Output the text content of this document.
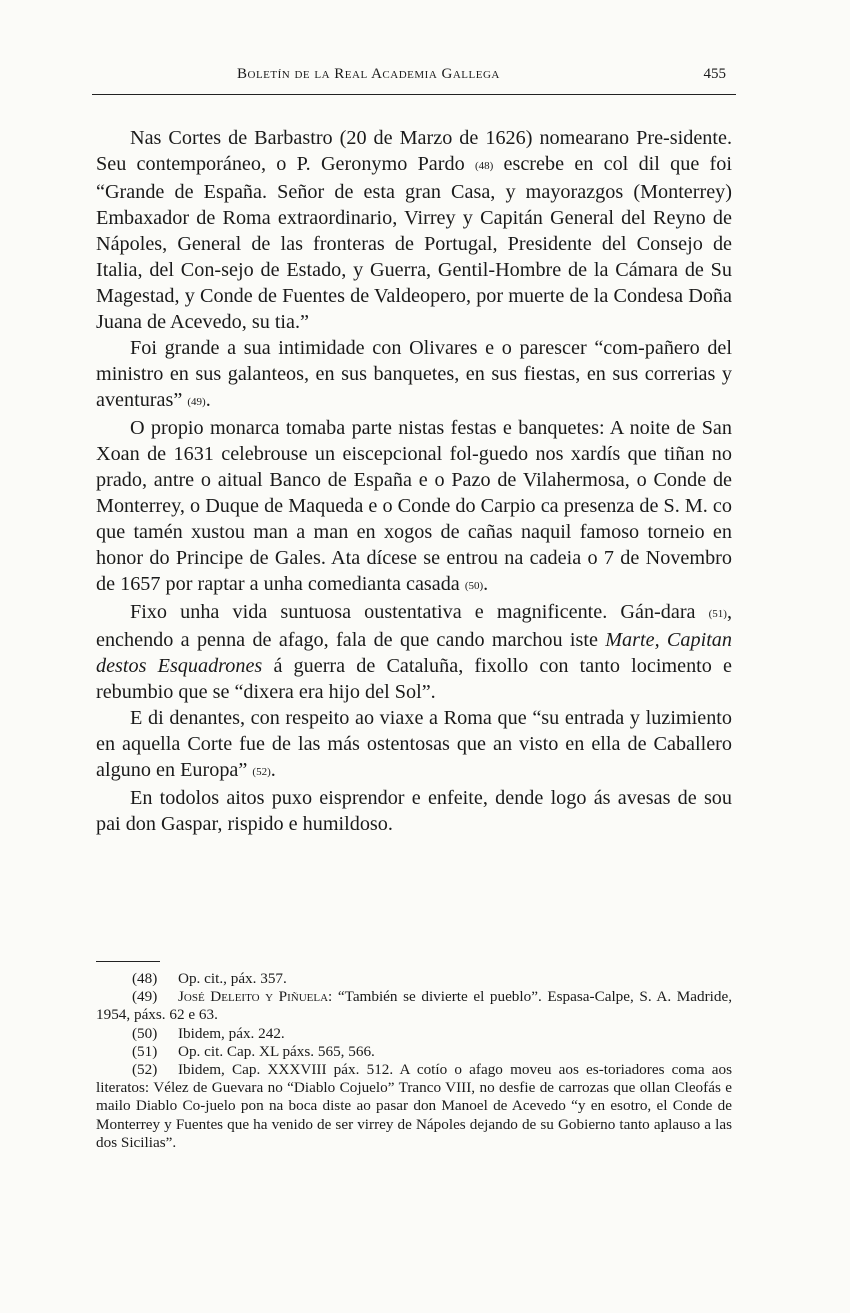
Boletín de la Real Academia Gallega	455

Nas Cortes de Barbastro (20 de Marzo de 1626) nomearano Pre-sidente. Seu contemporáneo, o P. Geronymo Pardo (48) escrebe en col dil que foi “Grande de España. Señor de esta gran Casa, y mayorazgos (Monterrey) Embaxador de Roma extraordinario, Virrey y Capitán General del Reyno de Nápoles, General de las fronteras de Portugal, Presidente del Consejo de Italia, del Con-sejo de Estado, y Guerra, Gentil-Hombre de la Cámara de Su Magestad, y Conde de Fuentes de Valdeopero, por muerte de la Condesa Doña Juana de Acevedo, su tia.”

Foi grande a sua intimidade con Olivares e o parescer “com-pañero del ministro en sus galanteos, en sus banquetes, en sus fiestas, en sus correrias y aventuras” (49).

O propio monarca tomaba parte nistas festas e banquetes: A noite de San Xoan de 1631 celebrouse un eiscepcional fol-guedo nos xardís que tiñan no prado, antre o aitual Banco de España e o Pazo de Vilahermosa, o Conde de Monterrey, o Duque de Maqueda e o Conde do Carpio ca presenza de S. M. co que tamén xustou man a man en xogos de cañas naquil famoso torneio en honor do Principe de Gales. Ata dícese se entrou na cadeia o 7 de Novembro de 1657 por raptar a unha comedianta casada (50).

Fixo unha vida suntuosa oustentativa e magnificente. Gán-dara (51), enchendo a penna de afago, fala de que cando marchou iste Marte, Capitan destos Esquadrones á guerra de Cataluña, fixollo con tanto locimento e rebumbio que se “dixera era hijo del Sol”.

E di denantes, con respeito ao viaxe a Roma que “su entrada y luzimiento en aquella Corte fue de las más ostentosas que an visto en ella de Caballero alguno en Europa” (52).

En todolos aitos puxo eisprendor e enfeite, dende logo ás avesas de sou pai don Gaspar, rispido e humildoso.

(48) Op. cit., páx. 357.

(49) José Deleito y Piñuela: “También se divierte el pueblo”. Espasa-Calpe, S. A. Madride, 1954, páxs. 62 e 63.

(50) Ibidem, páx. 242.

(51) Op. cit. Cap. XL páxs. 565, 566.

(52) Ibidem, Cap. XXXVIII páx. 512. A cotío o afago moveu aos es-toriadores coma aos literatos: Vélez de Guevara no “Diablo Cojuelo” Tranco VIII, no desfie de carrozas que ollan Cleofás e mailo Diablo Co-juelo pon na boca diste ao pasar don Manoel de Acevedo “y en esotro, el Conde de Monterrey y Fuentes que ha venido de ser virrey de Nápoles dejando de su Gobierno tanto aplauso a las dos Sicilias”.
